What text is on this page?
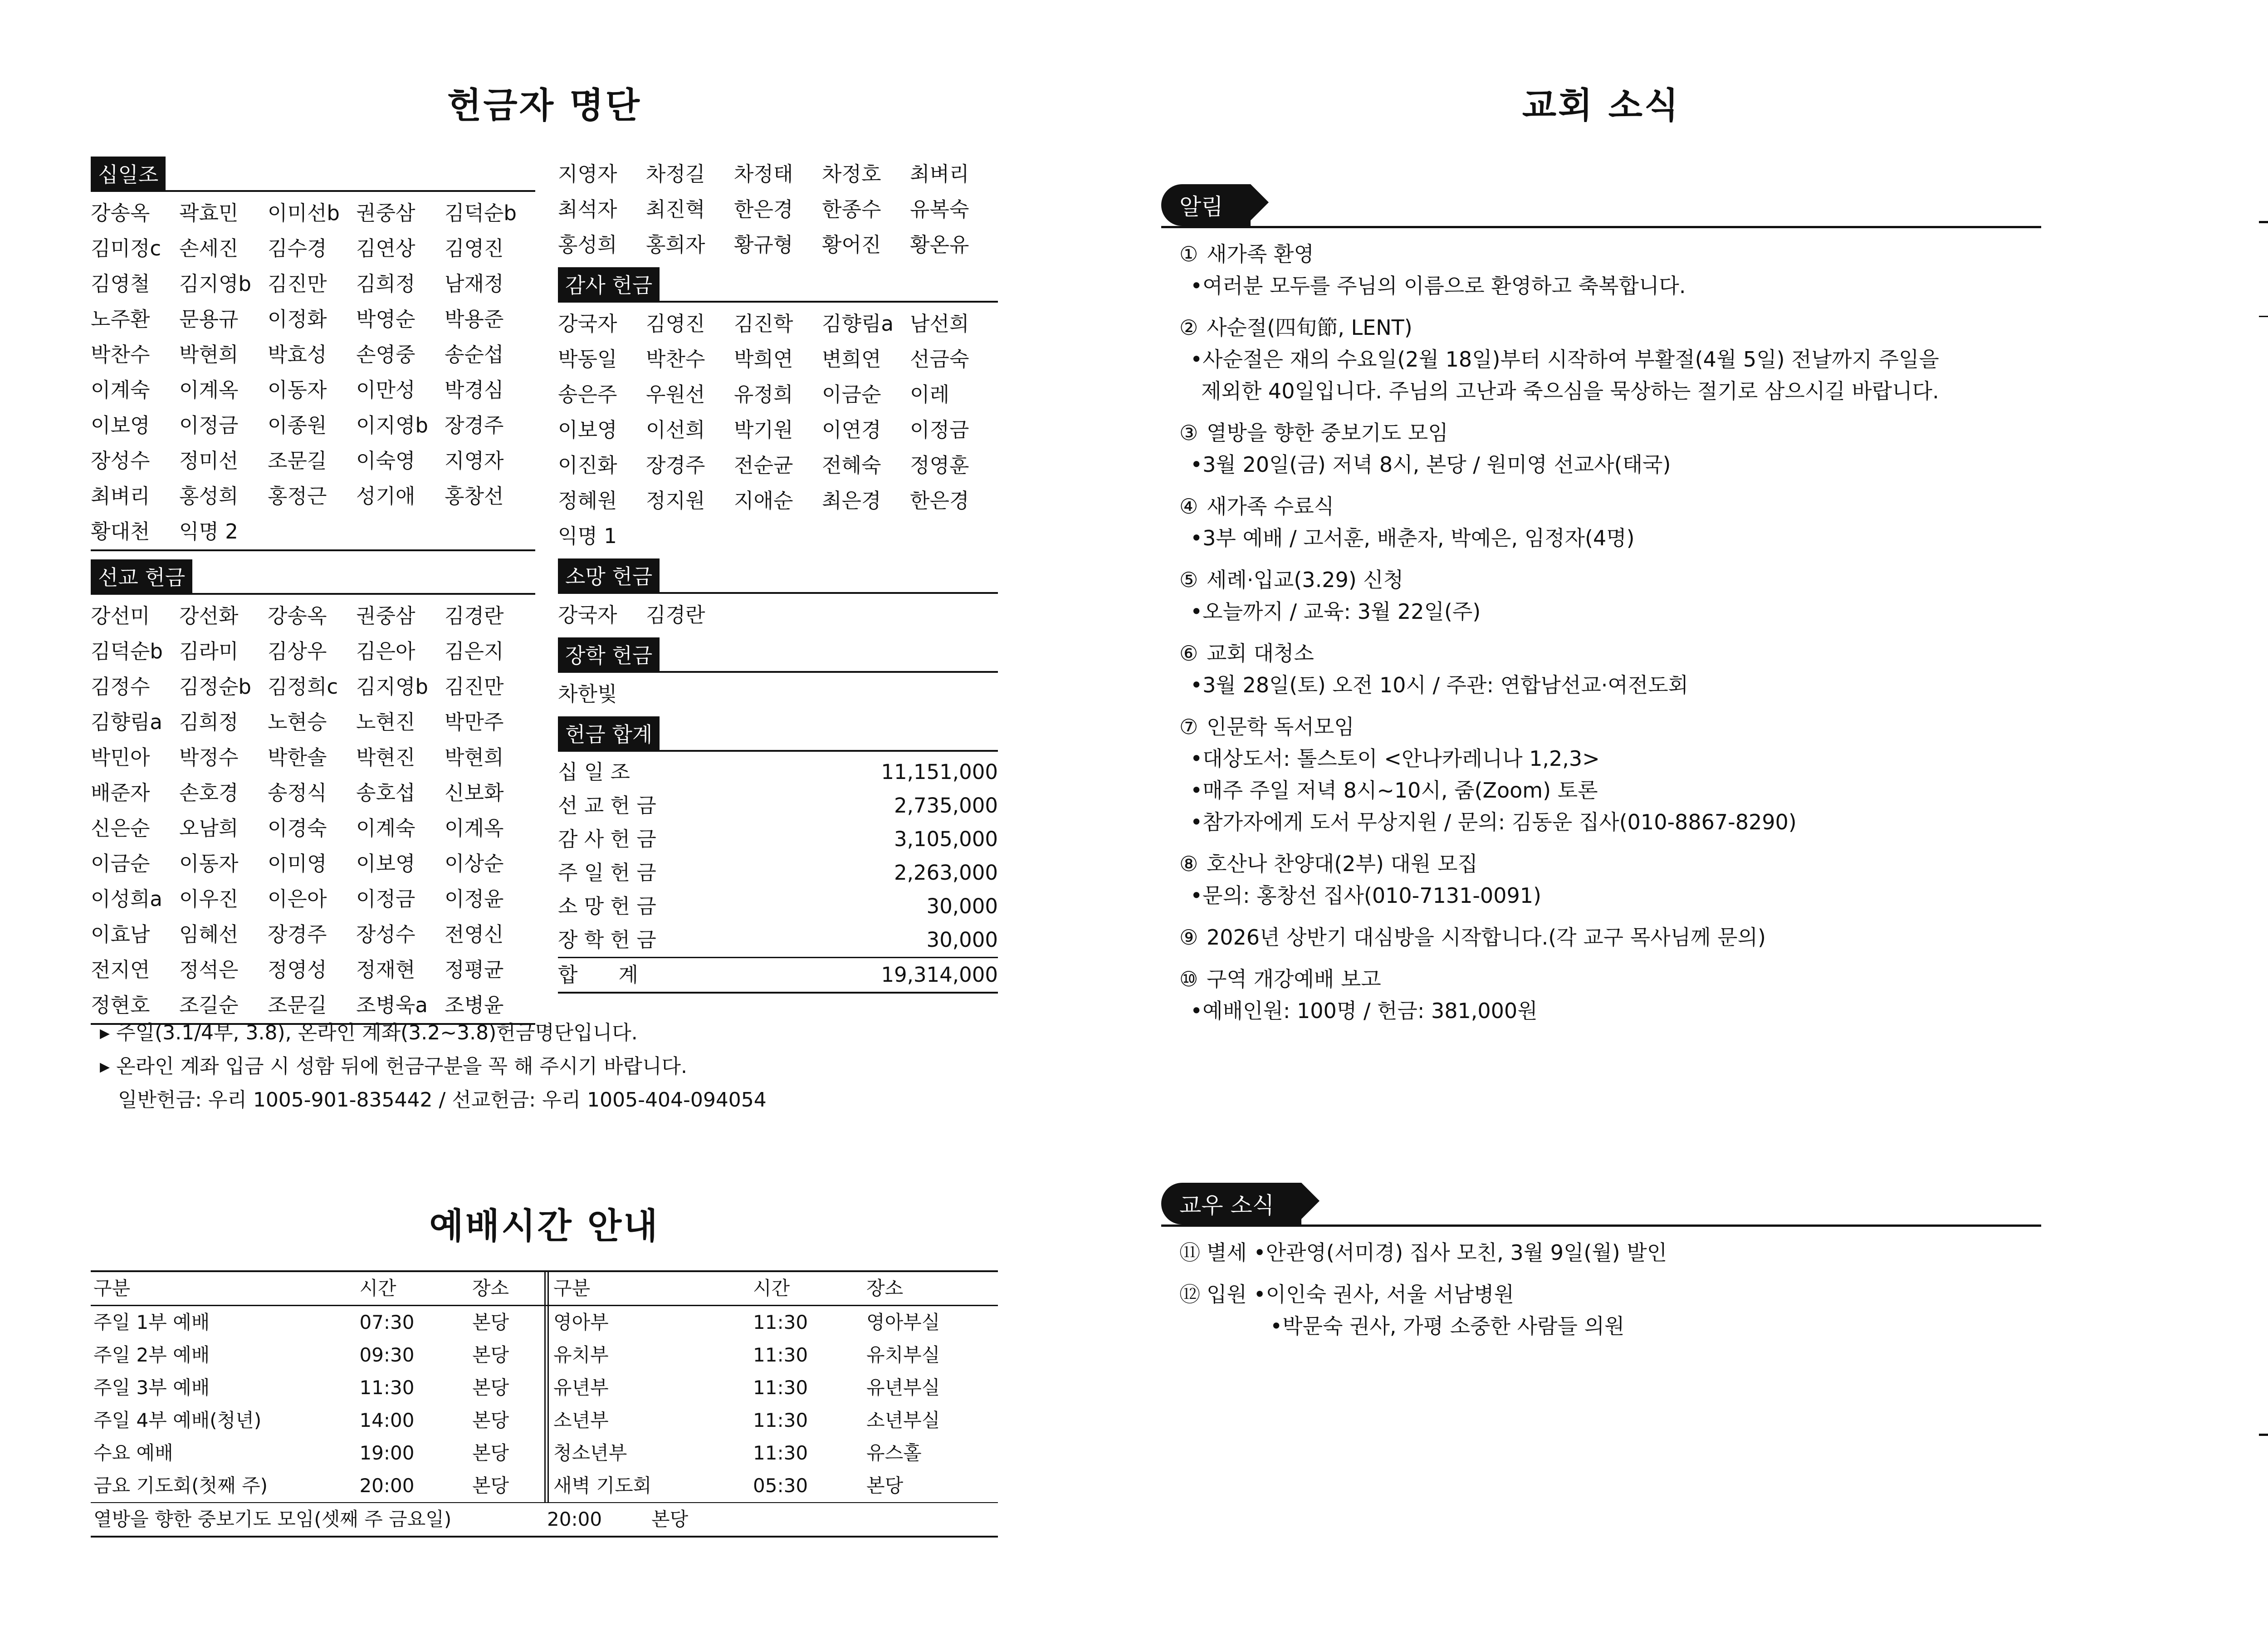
헌금자 명단
십일조
강송옥	곽효민	이미선b 권중삼	김덕순b
김미정c 손세진	김수경	김연상	김영진
김영철	김지영b 김진만	김희정	남재정
노주환	문용규	이정화	박영순	박용준
박찬수	박현희	박효성	손영중	송순섭
이계숙	이계옥	이동자	이만성	박경심
이보영	이정금	이종원	이지영b 장경주
장성수	정미선	조문길	이숙영	지영자
최벼리	홍성희	홍정근	성기애	홍창선
황대천	익명 2
선교 헌금
강선미	강선화	강송옥	권중삼	김경란
김덕순b 김라미	김상우	김은아	김은지
김정수	김정순b 김정희c 김지영b 김진만
김향림a 김희정	노현승	노현진	박만주
박민아	박정수	박한솔	박현진	박현희
배준자	손호경	송정식	송호섭	신보화
신은순	오남희	이경숙	이계숙	이계옥
이금순	이동자	이미영	이보영	이상순
이성희a 이우진	이은아	이정금	이정윤
이효남	임혜선	장경주	장성수	전영신
전지연	정석은	정영성	정재현	정평균
정현호	조길순	조문길	조병욱a 조병윤
지영자	차정길	차정태	차정호	최벼리
최석자	최진혁	한은경	한종수	유복숙
홍성희	홍희자	황규형	황어진	황온유
감사 헌금
강국자	김영진	김진학	김향림a 남선희
박동일	박찬수	박희연	변희연	선금숙
송은주	우원선	유정희	이금순	이레
이보영	이선희	박기원	이연경	이정금
이진화	장경주	전순균	전혜숙	정영훈
정혜원	정지원	지애순	최은경	한은경
익명 1
소망 헌금
강국자	김경란
장학 헌금
차한빛
헌금 합계
십 일 조	11,151,000
선 교 헌 금	2,735,000
감 사 헌 금	3,105,000
주 일 헌 금	2,263,000
소 망 헌 금	30,000
장 학 헌 금	30,000
합　　계	19,314,000
▸ 주일(3.1/4부, 3.8), 온라인 계좌(3.2~3.8)헌금명단입니다.
▸ 온라인 계좌 입금 시 성함 뒤에 헌금구분을 꼭 해 주시기 바랍니다.
일반헌금: 우리 1005-901-835442 / 선교헌금: 우리 1005-404-094054
예배시간 안내
구분	시간	장소	구분	시간	장소
주일 1부 예배	07:30	본당	영아부	11:30	영아부실
주일 2부 예배	09:30	본당	유치부	11:30	유치부실
주일 3부 예배	11:30	본당	유년부	11:30	유년부실
주일 4부 예배(청년)	14:00	본당	소년부	11:30	소년부실
수요 예배	19:00	본당	청소년부	11:30	유스홀
금요 기도회(첫째 주)	20:00	본당	새벽 기도회	05:30	본당
열방을 향한 중보기도 모임(셋째 주 금요일)	20:00	본당
교회 소식
알림
① 새가족 환영
•여러분 모두를 주님의 이름으로 환영하고 축복합니다.
② 사순절(四旬節, LENT)
•사순절은 재의 수요일(2월 18일)부터 시작하여 부활절(4월 5일) 전날까지 주일을
제외한 40일입니다. 주님의 고난과 죽으심을 묵상하는 절기로 삼으시길 바랍니다.
③ 열방을 향한 중보기도 모임
•3월 20일(금) 저녁 8시, 본당 / 원미영 선교사(태국)
④ 새가족 수료식
•3부 예배 / 고서훈, 배춘자, 박예은, 임정자(4명)
⑤ 세례·입교(3.29) 신청
•오늘까지 / 교육: 3월 22일(주)
⑥ 교회 대청소
•3월 28일(토) 오전 10시 / 주관: 연합남선교·여전도회
⑦ 인문학 독서모임
•대상도서: 톨스토이 <안나카레니나 1,2,3>
•매주 주일 저녁 8시~10시, 줌(Zoom) 토론
•참가자에게 도서 무상지원 / 문의: 김동운 집사(010-8867-8290)
⑧ 호산나 찬양대(2부) 대원 모집
•문의: 홍창선 집사(010-7131-0091)
⑨ 2026년 상반기 대심방을 시작합니다.(각 교구 목사님께 문의)
⑩ 구역 개강예배 보고
•예배인원: 100명 / 헌금: 381,000원
교우 소식
⑪ 별세 •안관영(서미경) 집사 모친, 3월 9일(월) 발인
⑫ 입원 •이인숙 권사, 서울 서남병원
•박문숙 권사, 가평 소중한 사람들 의원
